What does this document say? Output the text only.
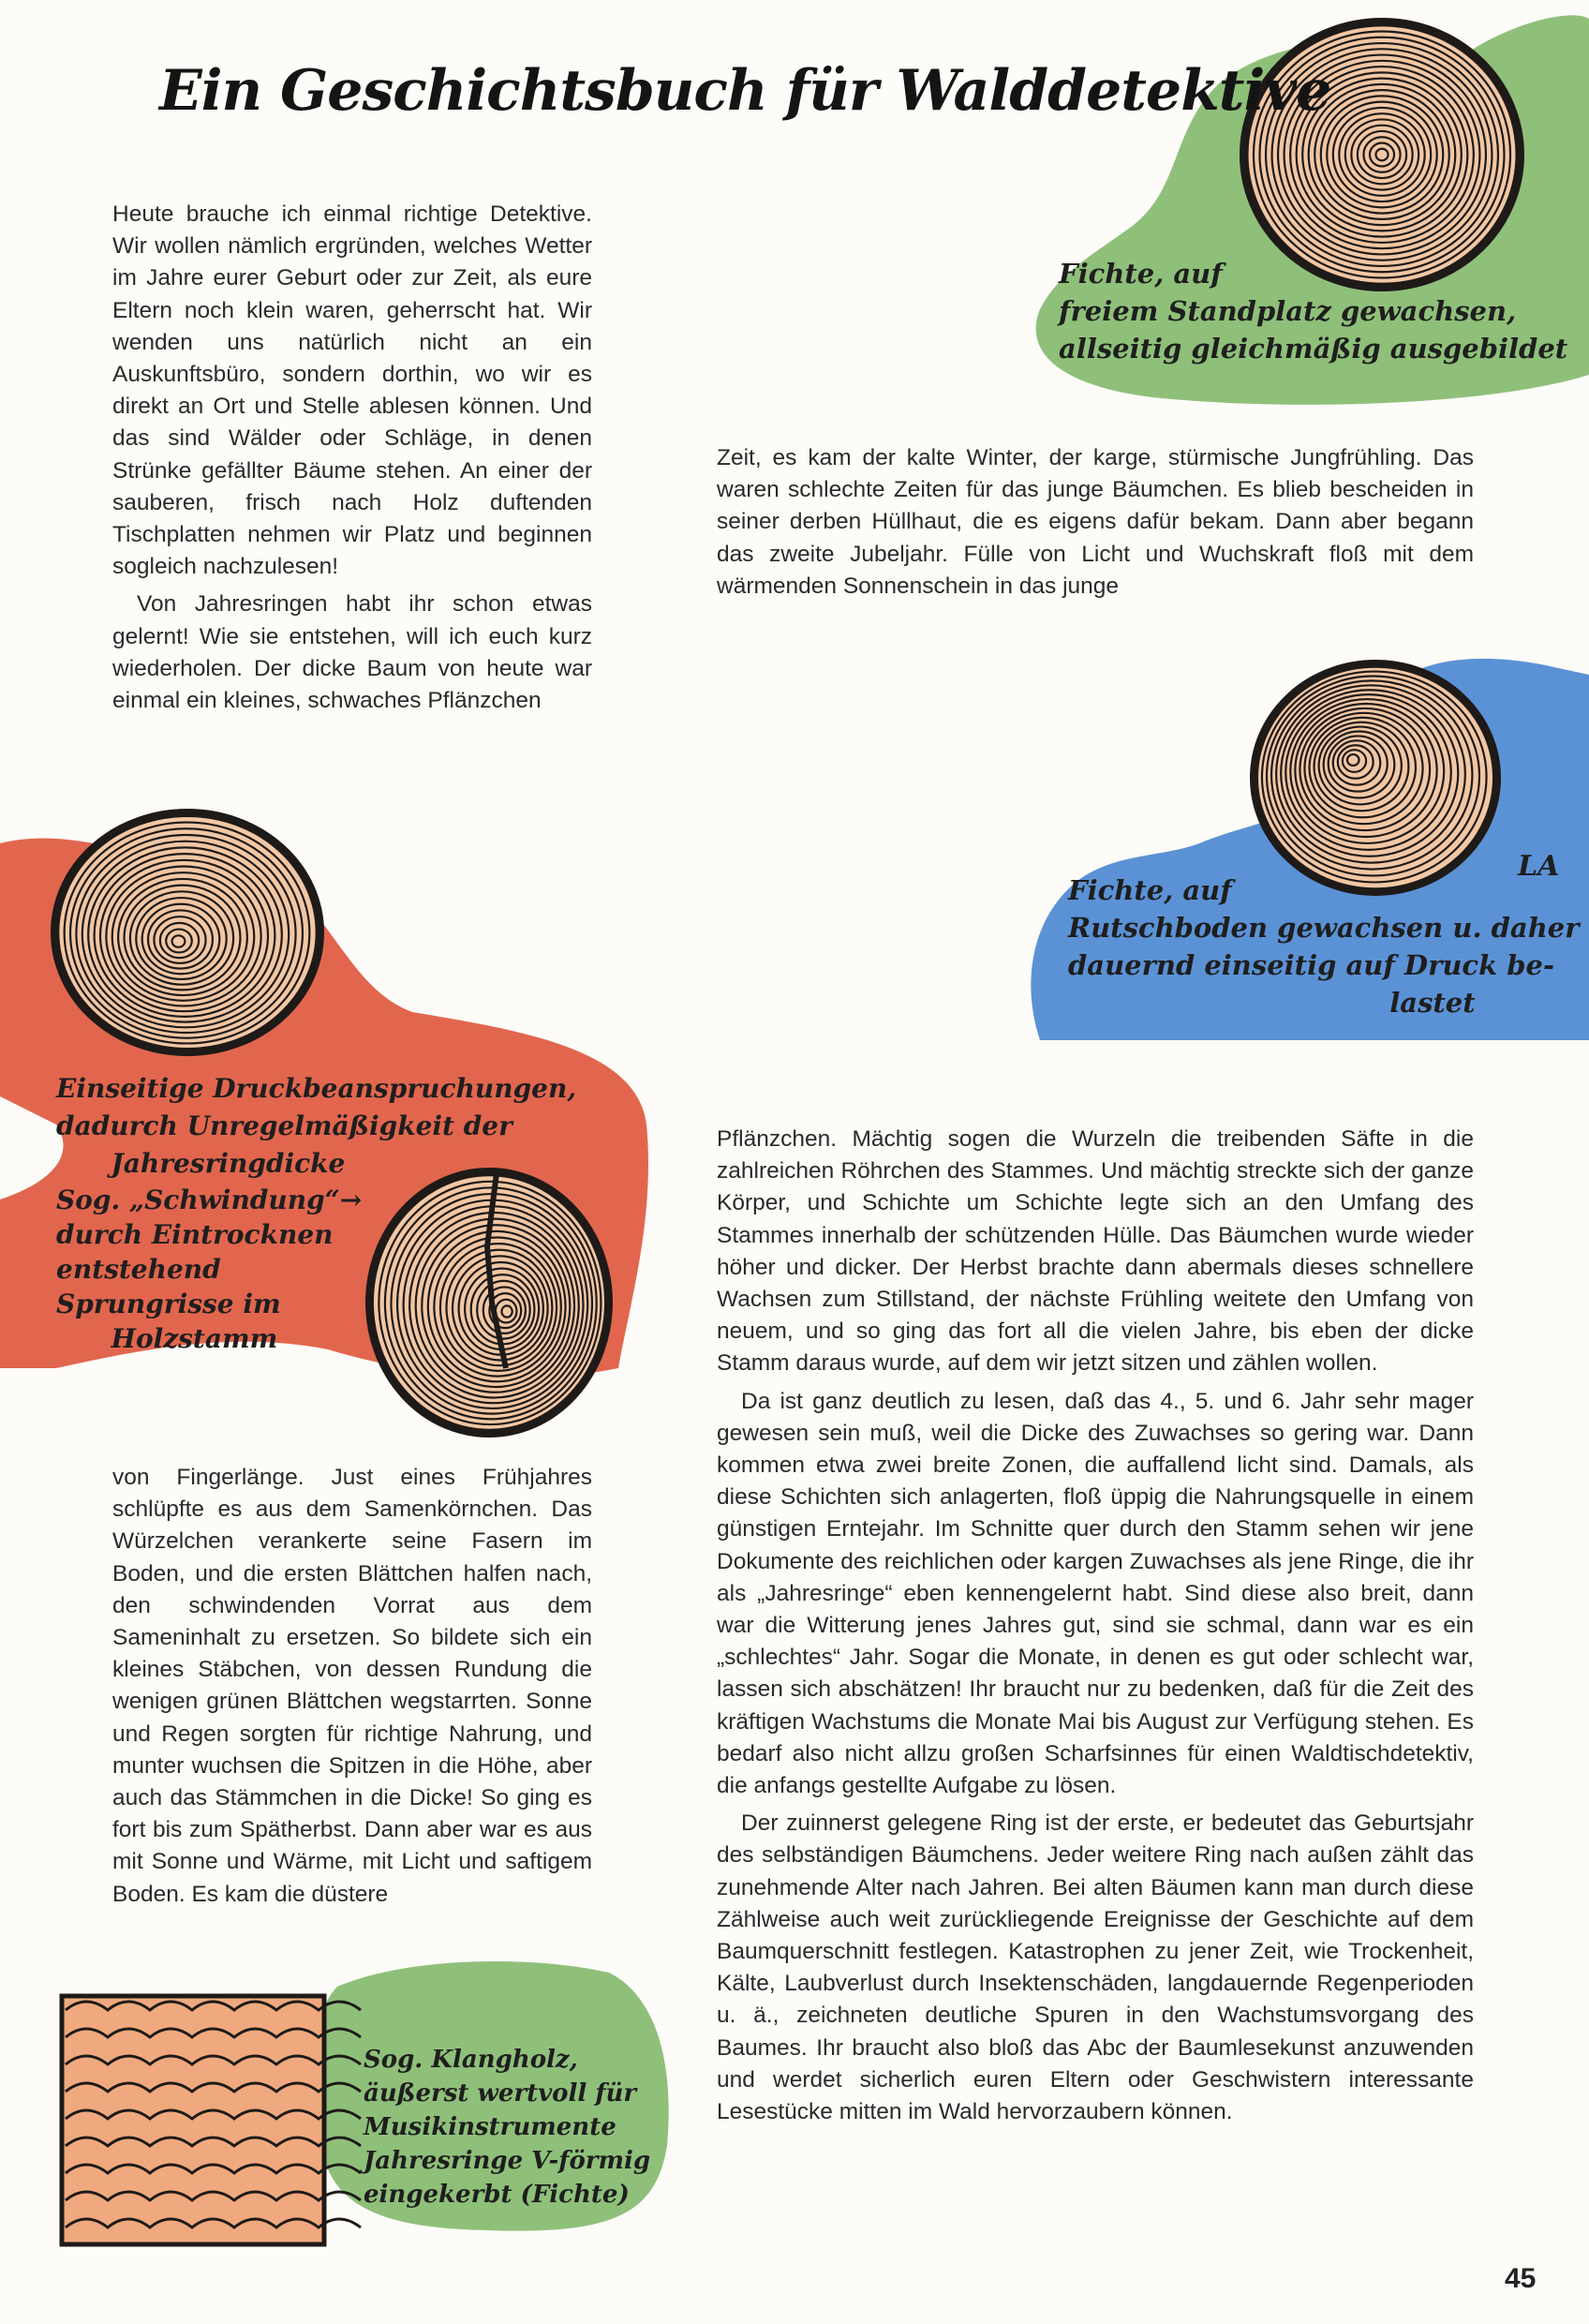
Ein Geschichtsbuch für Walddetektive

Heute brauche ich einmal richtige Detektive. Wir wollen nämlich ergründen, welches Wetter im Jahre eurer Geburt oder zur Zeit, als eure Eltern noch klein waren, geherrscht hat. Wir wenden uns natürlich nicht an ein Auskunftsbüro, sondern dorthin, wo wir es direkt an Ort und Stelle ablesen können. Und das sind Wälder oder Schläge, in denen Strünke gefällter Bäume stehen. An einer der sauberen, frisch nach Holz duftenden Tischplatten nehmen wir Platz und beginnen sogleich nachzulesen!

Von Jahresringen habt ihr schon etwas gelernt! Wie sie entstehen, will ich euch kurz wiederholen. Der dicke Baum von heute war einmal ein kleines, schwaches Pflänzchen

Zeit, es kam der kalte Winter, der karge, stürmische Jungfrühling. Das waren schlechte Zeiten für das junge Bäumchen. Es blieb bescheiden in seiner derben Hüllhaut, die es eigens dafür bekam. Dann aber begann das zweite Jubeljahr. Fülle von Licht und Wuchskraft floß mit dem wärmenden Sonnenschein in das junge

Pflänzchen. Mächtig sogen die Wurzeln die treibenden Säfte in die zahlreichen Röhrchen des Stammes. Und mächtig streckte sich der ganze Körper, und Schichte um Schichte legte sich an den Umfang des Stammes innerhalb der schützenden Hülle. Das Bäumchen wurde wieder höher und dicker. Der Herbst brachte dann abermals dieses schnellere Wachsen zum Stillstand, der nächste Frühling weitete den Umfang von neuem, und so ging das fort all die vielen Jahre, bis eben der dicke Stamm daraus wurde, auf dem wir jetzt sitzen und zählen wollen.

Da ist ganz deutlich zu lesen, daß das 4., 5. und 6. Jahr sehr mager gewesen sein muß, weil die Dicke des Zuwachses so gering war. Dann kommen etwa zwei breite Zonen, die auffallend licht sind. Damals, als diese Schichten sich anlagerten, floß üppig die Nahrungsquelle in einem günstigen Erntejahr. Im Schnitte quer durch den Stamm sehen wir jene Dokumente des reichlichen oder kargen Zuwachses als jene Ringe, die ihr als „Jahresringe“ eben kennengelernt habt. Sind diese also breit, dann war die Witterung jenes Jahres gut, sind sie schmal, dann war es ein „schlechtes“ Jahr. Sogar die Monate, in denen es gut oder schlecht war, lassen sich abschätzen! Ihr braucht nur zu bedenken, daß für die Zeit des kräftigen Wachstums die Monate Mai bis August zur Verfügung stehen. Es bedarf also nicht allzu großen Scharfsinnes für einen Waldtischdetektiv, die anfangs gestellte Aufgabe zu lösen.

Der zuinnerst gelegene Ring ist der erste, er bedeutet das Geburtsjahr des selbständigen Bäumchens. Jeder weitere Ring nach außen zählt das zunehmende Alter nach Jahren. Bei alten Bäumen kann man durch diese Zählweise auch weit zurückliegende Ereignisse der Geschichte auf dem Baumquerschnitt festlegen. Katastrophen zu jener Zeit, wie Trockenheit, Kälte, Laubverlust durch Insektenschäden, langdauernde Regenperioden u. ä., zeichneten deutliche Spuren in den Wachstumsvorgang des Baumes. Ihr braucht also bloß das Abc der Baumlesekunst anzuwenden und werdet sicherlich euren Eltern oder Geschwistern interessante Lesestücke mitten im Wald hervorzaubern können.

von Fingerlänge. Just eines Frühjahres schlüpfte es aus dem Samenkörnchen. Das Würzelchen verankerte seine Fasern im Boden, und die ersten Blättchen halfen nach, den schwindenden Vorrat aus dem Sameninhalt zu ersetzen. So bildete sich ein kleines Stäbchen, von dessen Rundung die wenigen grünen Blättchen wegstarrten. Sonne und Regen sorgten für richtige Nahrung, und munter wuchsen die Spitzen in die Höhe, aber auch das Stämmchen in die Dicke! So ging es fort bis zum Spätherbst. Dann aber war es aus mit Sonne und Wärme, mit Licht und saftigem Boden. Es kam die düstere

Fichte, auf
freiem Standplatz gewachsen,
allseitig gleichmäßig ausgebildet
Fichte, auf
Rutschboden gewachsen u. daher
dauernd einseitig auf Druck be-
lastet
LA
Einseitige Druckbeanspruchungen,
dadurch Unregelmäßigkeit der
Jahresringdicke
Sog. „Schwindung“→
durch Eintrocknen
entstehend
Sprungrisse im
Holzstamm
Sog. Klangholz,
äußerst wertvoll für
Musikinstrumente
Jahresringe V-förmig
eingekerbt (Fichte)
45
